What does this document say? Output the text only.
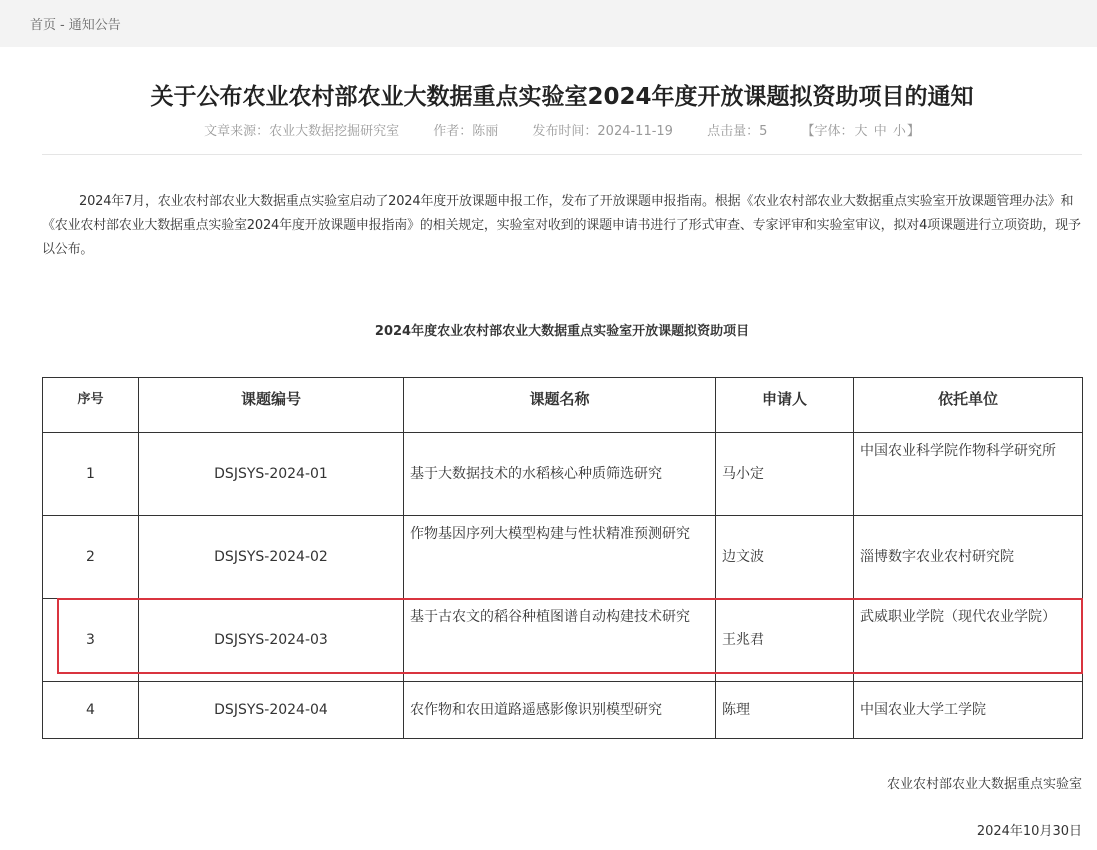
首页 - 通知公告
关于公布农业农村部农业大数据重点实验室2024年度开放课题拟资助项目的通知
文章来源：农业大数据挖掘研究室	作者：陈丽	发布时间：2024-11-19	点击量：5	【字体：大 中 小】

2024年7月，农业农村部农业大数据重点实验室启动了2024年度开放课题申报工作，发布了开放课题申报指南。根据《农业农村部农业大数据重点实验室开放课题管理办法》和《农业农村部农业大数据重点实验室2024年度开放课题申报指南》的相关规定，实验室对收到的课题申请书进行了形式审查、专家评审和实验室审议，拟对4项课题进行立项资助，现予以公布。

2024年度农业农村部农业大数据重点实验室开放课题拟资助项目
序号	课题编号	课题名称	申请人	依托单位
1	DSJSYS-2024-01	基于大数据技术的水稻核心种质筛选研究	马小定	中国农业科学院作物科学研究所
2	DSJSYS-2024-02	作物基因序列大模型构建与性状精准预测研究	边文波	淄博数字农业农村研究院
3	DSJSYS-2024-03	基于古农文的稻谷种植图谱自动构建技术研究	王兆君	武威职业学院（现代农业学院）
4	DSJSYS-2024-04	农作物和农田道路遥感影像识别模型研究	陈理	中国农业大学工学院
农业农村部农业大数据重点实验室
2024年10月30日
